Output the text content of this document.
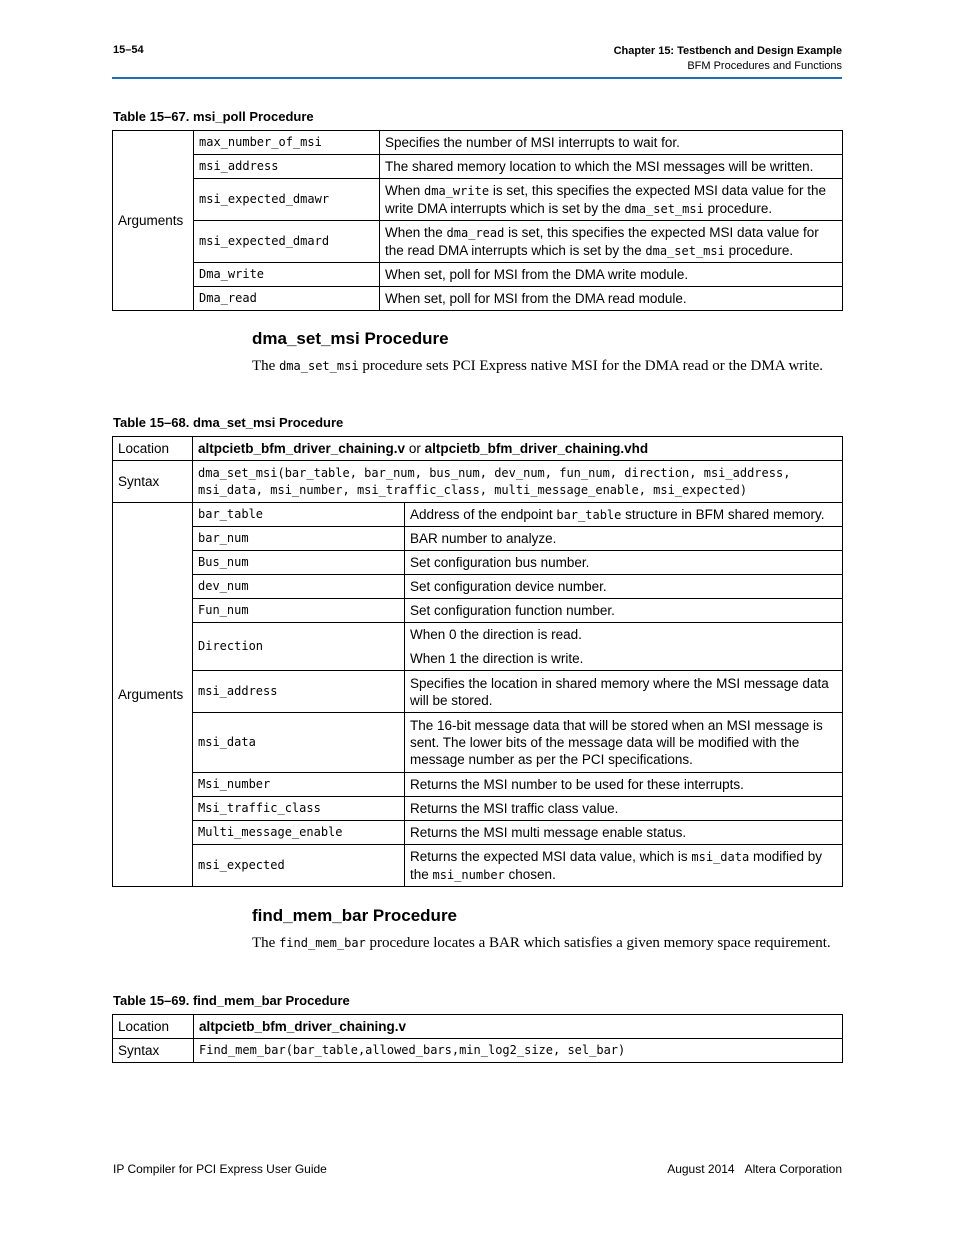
15–54	Chapter 15: Testbench and Design Example
BFM Procedures and Functions
Table 15–67. msi_poll Procedure
Arguments	max_number_of_msi	Specifies the number of MSI interrupts to wait for.
	msi_address	The shared memory location to which the MSI messages will be written.
	msi_expected_dmawr	When dma_write is set, this specifies the expected MSI data value for the write DMA interrupts which is set by the dma_set_msi procedure.
	msi_expected_dmard	When the dma_read is set, this specifies the expected MSI data value for the read DMA interrupts which is set by the dma_set_msi procedure.
	Dma_write	When set, poll for MSI from the DMA write module.
	Dma_read	When set, poll for MSI from the DMA read module.
dma_set_msi Procedure
The dma_set_msi procedure sets PCI Express native MSI for the DMA read or the DMA write.
Table 15–68. dma_set_msi Procedure
Location	altpcietb_bfm_driver_chaining.v or altpcietb_bfm_driver_chaining.vhd	
Syntax	dma_set_msi(bar_table, bar_num, bus_num, dev_num, fun_num, direction, msi_address,
msi_data, msi_number, msi_traffic_class, multi_message_enable, msi_expected)	

Arguments	bar_table	Address of the endpoint bar_table structure in BFM shared memory.
	bar_num	BAR number to analyze.
	Bus_num	Set configuration bus number.
	dev_num	Set configuration device number.
	Fun_num	Set configuration function number.
	Direction	When 0 the direction is read.

When 1 the direction is write.

	msi_address	Specifies the location in shared memory where the MSI message data will be stored.
	msi_data	The 16-bit message data that will be stored when an MSI message is sent. The lower bits of the message data will be modified with the message number as per the PCI specifications.
	Msi_number	Returns the MSI number to be used for these interrupts.
	Msi_traffic_class	Returns the MSI traffic class value.
	Multi_message_enable	Returns the MSI multi message enable status.
	msi_expected	Returns the expected MSI data value, which is msi_data modified by the msi_number chosen.
find_mem_bar Procedure
The find_mem_bar procedure locates a BAR which satisfies a given memory space requirement.
Table 15–69. find_mem_bar Procedure
Location	altpcietb_bfm_driver_chaining.v
Syntax	Find_mem_bar(bar_table,allowed_bars,min_log2_size, sel_bar)
IP Compiler for PCI Express User Guide	August 2014 Altera Corporation
